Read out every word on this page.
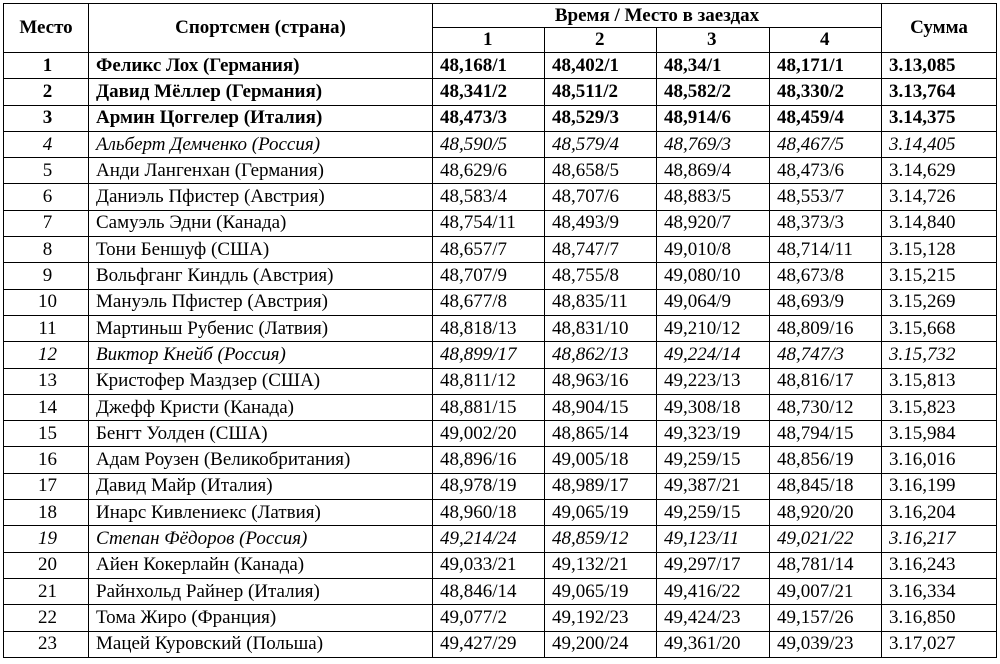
Место	Спортсмен (страна)	Время / Место в заездах				Сумма
		1	2	3	4	
1	Феликс Лох (Германия)	48,168/1	48,402/1	48,34/1	48,171/1	3.13,085
2	Давид Мёллер (Германия)	48,341/2	48,511/2	48,582/2	48,330/2	3.13,764
3	Армин Цоггелер (Италия)	48,473/3	48,529/3	48,914/6	48,459/4	3.14,375
4	Альберт Демченко (Россия)	48,590/5	48,579/4	48,769/3	48,467/5	3.14,405
5	Анди Лангенхан (Германия)	48,629/6	48,658/5	48,869/4	48,473/6	3.14,629
6	Даниэль Пфистер (Австрия)	48,583/4	48,707/6	48,883/5	48,553/7	3.14,726
7	Самуэль Эдни (Канада)	48,754/11	48,493/9	48,920/7	48,373/3	3.14,840
8	Тони Беншуф (США)	48,657/7	48,747/7	49,010/8	48,714/11	3.15,128
9	Вольфганг Киндль (Австрия)	48,707/9	48,755/8	49,080/10	48,673/8	3.15,215
10	Мануэль Пфистер (Австрия)	48,677/8	48,835/11	49,064/9	48,693/9	3.15,269
11	Мартиньш Рубенис (Латвия)	48,818/13	48,831/10	49,210/12	48,809/16	3.15,668
12	Виктор Кнейб (Россия)	48,899/17	48,862/13	49,224/14	48,747/3	3.15,732
13	Кристофер Маздзер (США)	48,811/12	48,963/16	49,223/13	48,816/17	3.15,813
14	Джефф Кристи (Канада)	48,881/15	48,904/15	49,308/18	48,730/12	3.15,823
15	Бенгт Уолден (США)	49,002/20	48,865/14	49,323/19	48,794/15	3.15,984
16	Адам Роузен (Великобритания)	48,896/16	49,005/18	49,259/15	48,856/19	3.16,016
17	Давид Майр (Италия)	48,978/19	48,989/17	49,387/21	48,845/18	3.16,199
18	Инарс Кивлениекс (Латвия)	48,960/18	49,065/19	49,259/15	48,920/20	3.16,204
19	Степан Фёдоров (Россия)	49,214/24	48,859/12	49,123/11	49,021/22	3.16,217
20	Айен Кокерлайн (Канада)	49,033/21	49,132/21	49,297/17	48,781/14	3.16,243
21	Райнхольд Райнер (Италия)	48,846/14	49,065/19	49,416/22	49,007/21	3.16,334
22	Тома Жиро (Франция)	49,077/2	49,192/23	49,424/23	49,157/26	3.16,850
23	Мацей Куровский (Польша)	49,427/29	49,200/24	49,361/20	49,039/23	3.17,027
